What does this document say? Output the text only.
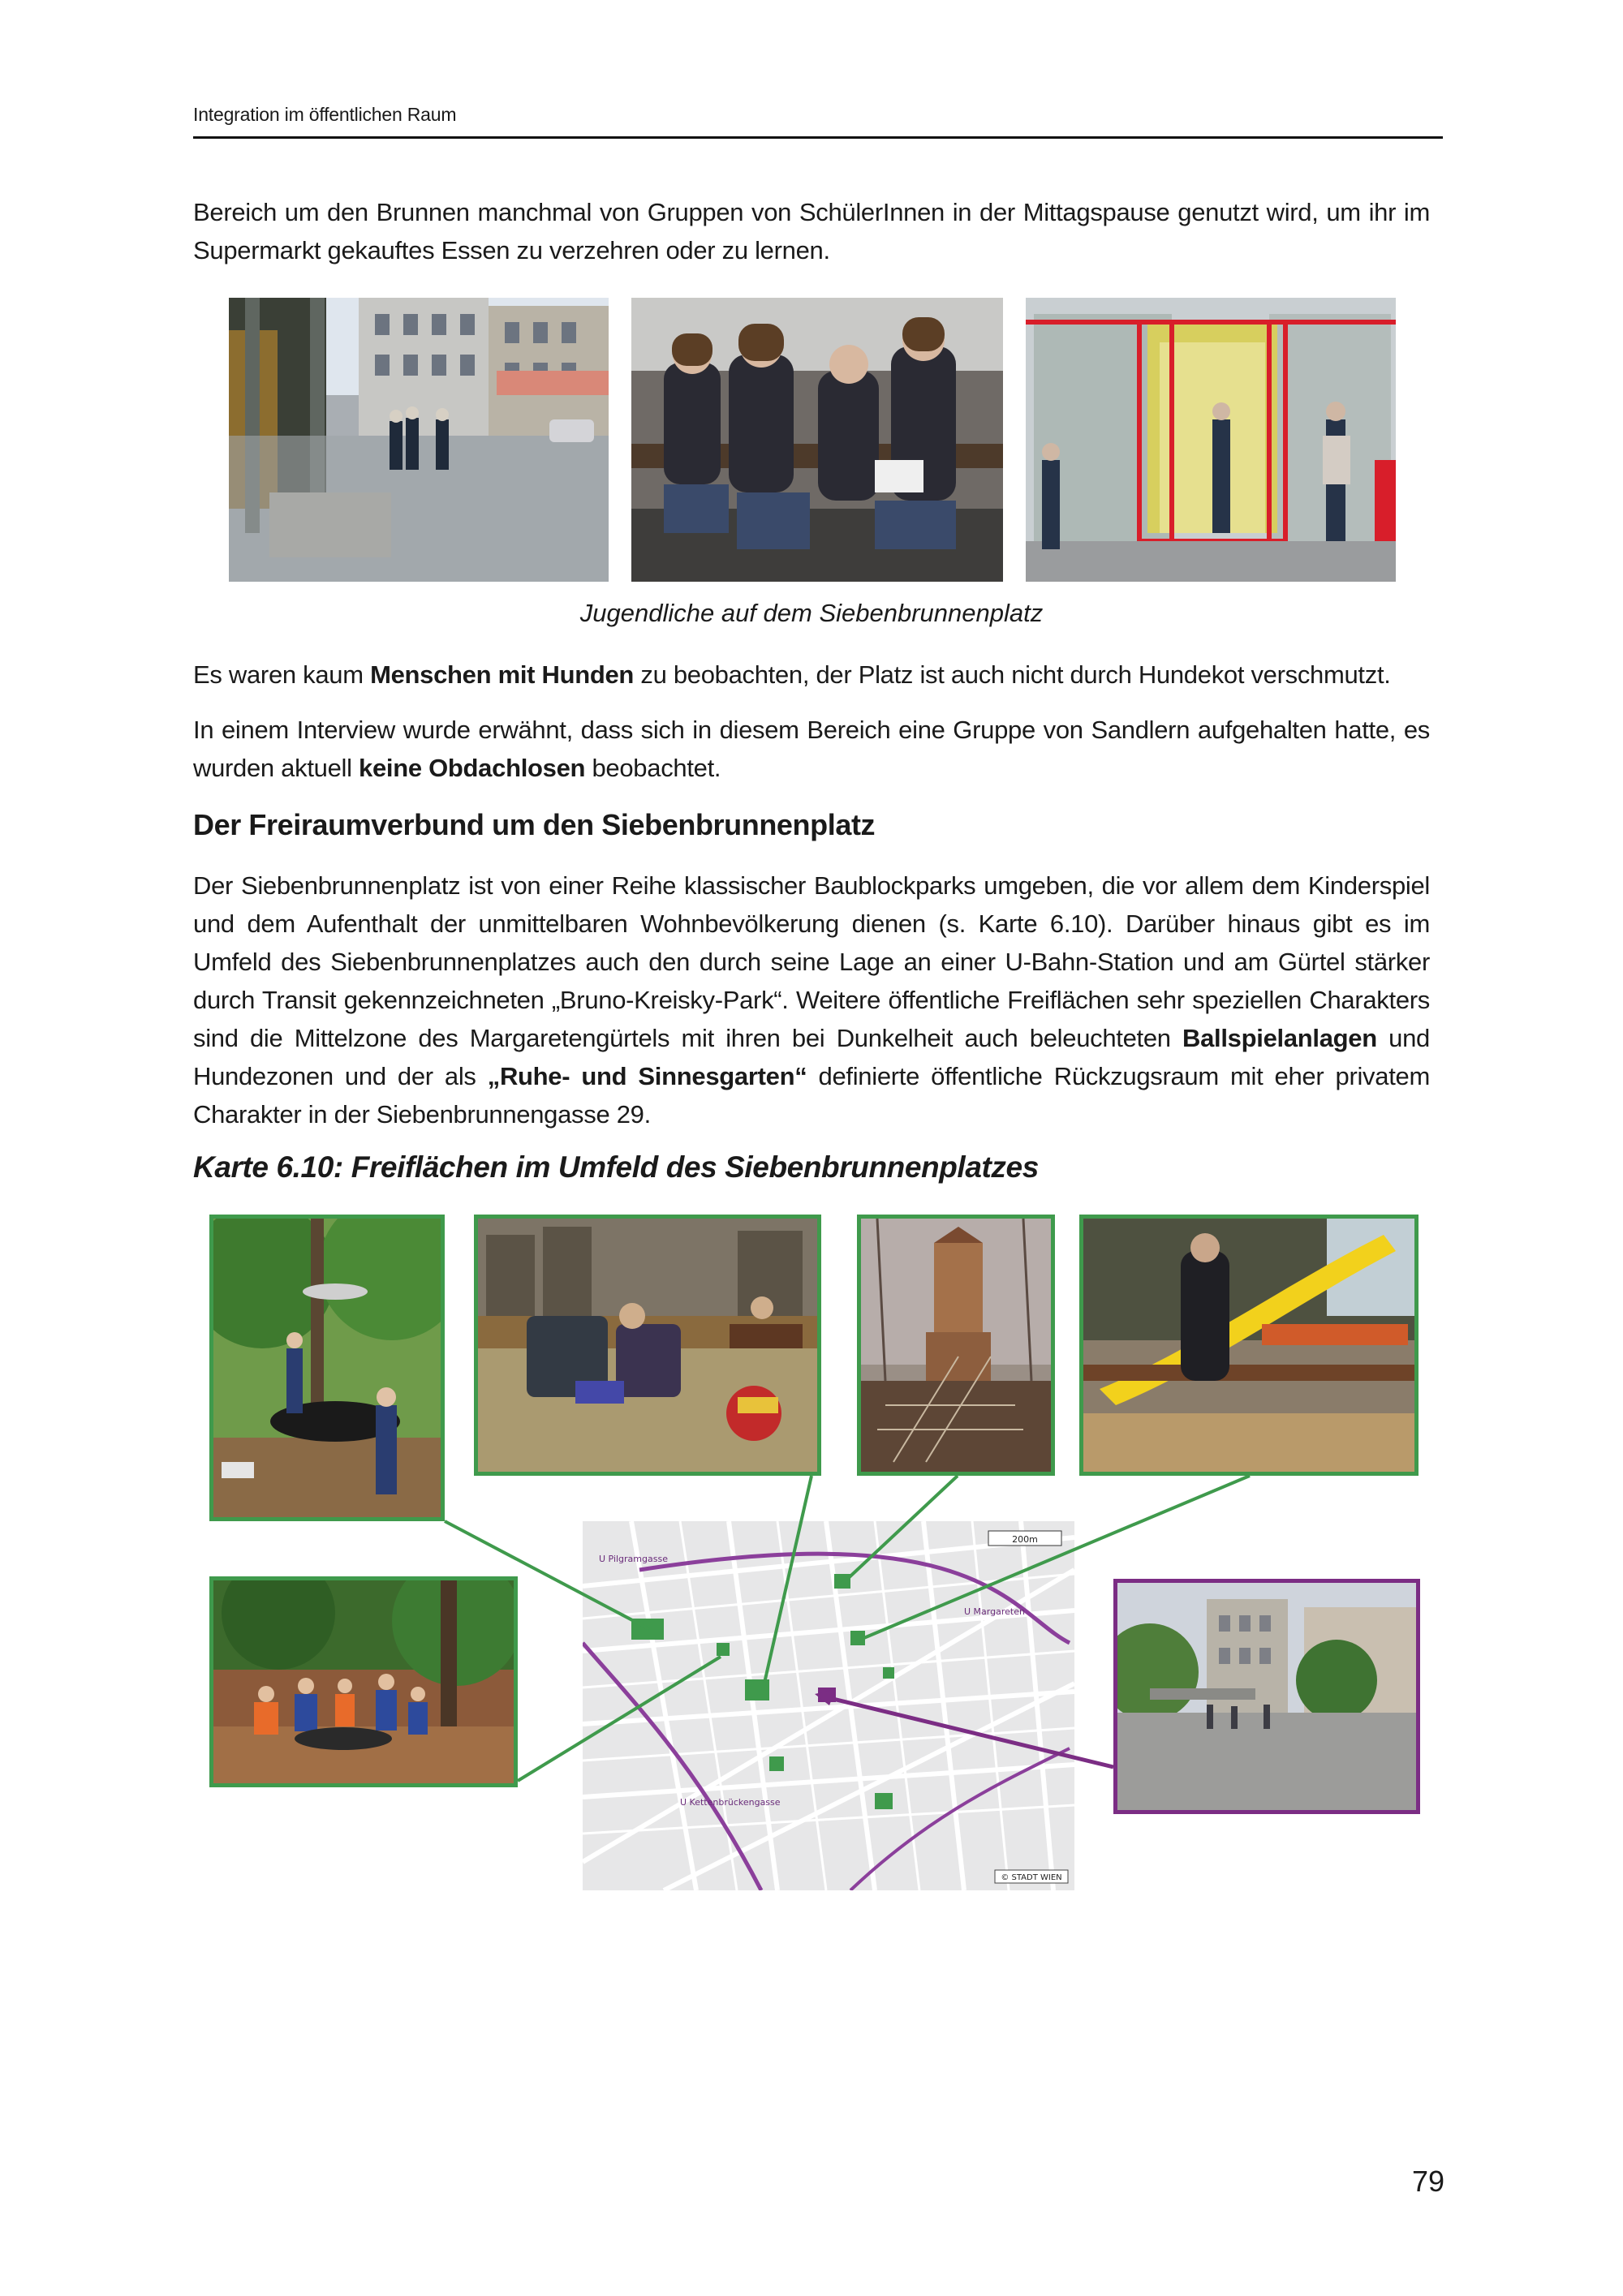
Integration im öffentlichen Raum

Bereich um den Brunnen manchmal von Gruppen von SchülerInnen in der Mittagspause genutzt wird, um ihr im Supermarkt gekauftes Essen zu verzehren oder zu lernen.

Jugendliche auf dem Siebenbrunnenplatz

Es waren kaum Menschen mit Hunden zu beobachten, der Platz ist auch nicht durch Hundekot verschmutzt.

In einem Interview wurde erwähnt, dass sich in diesem Bereich eine Gruppe von Sandlern aufgehalten hatte, es wurden aktuell keine Obdachlosen beobachtet.

Der Freiraumverbund um den Siebenbrunnenplatz

Der Siebenbrunnenplatz ist von einer Reihe klassischer Baublockparks umgeben, die vor allem dem Kinderspiel und dem Aufenthalt der unmittelbaren Wohnbevölkerung dienen (s. Karte 6.10). Darüber hinaus gibt es im Umfeld des Siebenbrunnenplatzes auch den durch seine Lage an einer U-Bahn-Station und am Gürtel stärker durch Transit gekennzeichneten „Bruno-Kreisky-Park“. Weitere öffentliche Freiflächen sehr speziellen Charakters sind die Mittelzone des Margaretengürtels mit ihren bei Dunkelheit auch beleuchteten Ballspielanlagen und Hundezonen und der als „Ruhe- und Sinnesgarten“ definierte öffentliche Rückzugsraum mit eher privatem Charakter in der Siebenbrunnengasse 29.

Karte 6.10: Freiflächen im Umfeld des Siebenbrunnenplatzes
200m
U Margareten
U Pilgramgasse
U Kettenbrückengasse
© STADT WIEN
79
